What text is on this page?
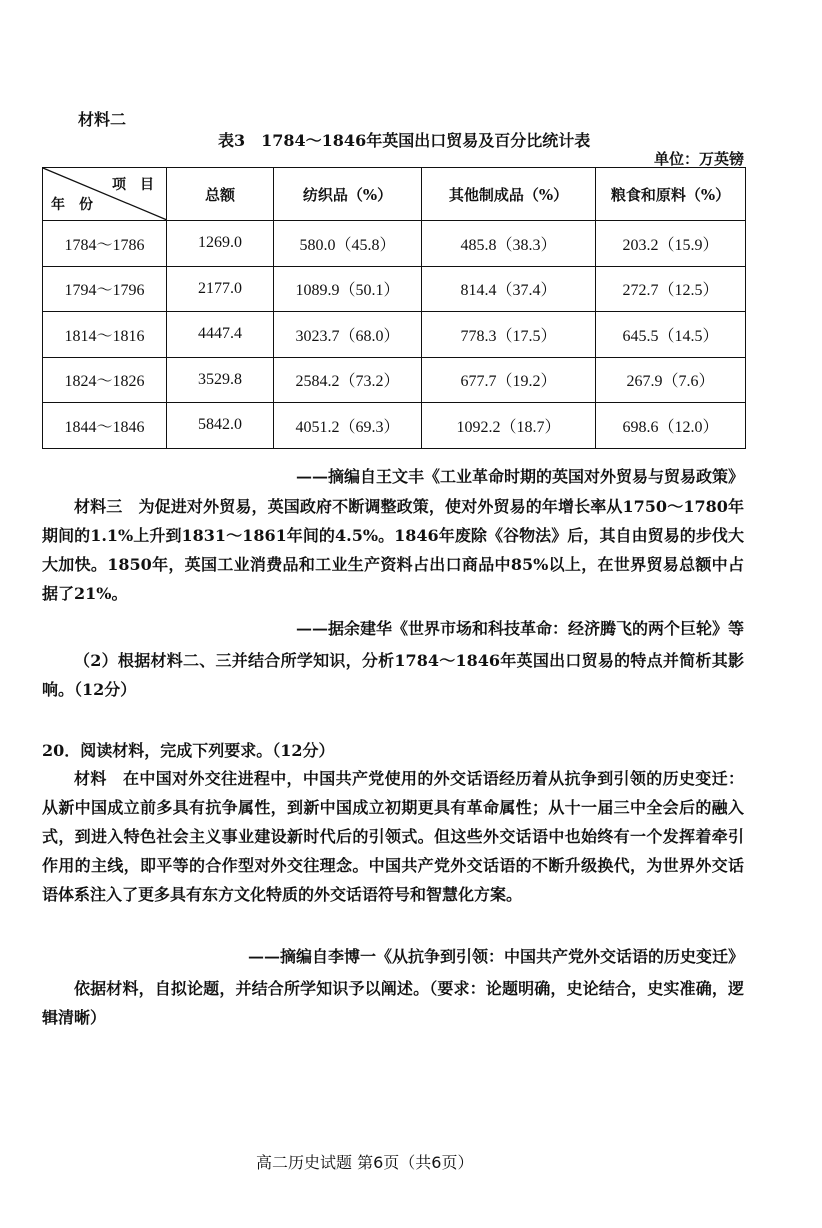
材料二
表3　1784～1846年英国出口贸易及百分比统计表
单位：万英镑
项　目
年　份	总额	纺织品（%）	其他制成品（%）	粮食和原料（%）
1784～1786	1269.0	580.0（45.8）	485.8（38.3）	203.2（15.9）
1794～1796	2177.0	1089.9（50.1）	814.4（37.4）	272.7（12.5）
1814～1816	4447.4	3023.7（68.0）	778.3（17.5）	645.5（14.5）
1824～1826	3529.8	2584.2（73.2）	677.7（19.2）	267.9（7.6）
1844～1846	5842.0	4051.2（69.3）	1092.2（18.7）	698.6（12.0）
——摘编自王文丰《工业革命时期的英国对外贸易与贸易政策》
材料三　为促进对外贸易，英国政府不断调整政策，使对外贸易的年增长率从1750～1780年期间的1.1%上升到1831～1861年间的4.5%。1846年废除《谷物法》后，其自由贸易的步伐大大加快。1850年，英国工业消费品和工业生产资料占出口商品中85%以上，在世界贸易总额中占据了21%。
——据余建华《世界市场和科技革命：经济腾飞的两个巨轮》等
（2）根据材料二、三并结合所学知识，分析1784～1846年英国出口贸易的特点并简析其影响。（12分）
20．阅读材料，完成下列要求。（12分）
材料　在中国对外交往进程中，中国共产党使用的外交话语经历着从抗争到引领的历史变迁：从新中国成立前多具有抗争属性，到新中国成立初期更具有革命属性；从十一届三中全会后的融入式，到进入特色社会主义事业建设新时代后的引领式。但这些外交话语中也始终有一个发挥着牵引作用的主线，即平等的合作型对外交往理念。中国共产党外交话语的不断升级换代，为世界外交话语体系注入了更多具有东方文化特质的外交话语符号和智慧化方案。
——摘编自李博一《从抗争到引领：中国共产党外交话语的历史变迁》
依据材料，自拟论题，并结合所学知识予以阐述。（要求：论题明确，史论结合，史实准确，逻辑清晰）
高二历史试题 第6页（共6页）
